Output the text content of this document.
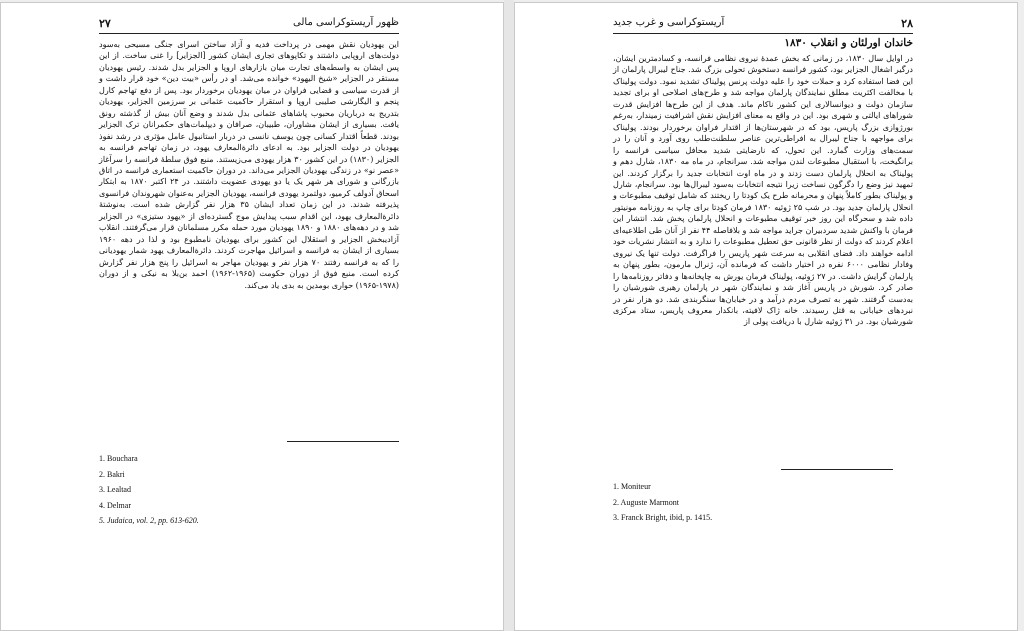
۲۷	ظهور آریستوکراسی مالی
این یهودیان نقش مهمی در پرداخت فدیه و آزاد ساختن اسرای جنگی مسیحی به‌سود دولت‌های اروپایی داشتند و تکاپوهای تجاری ایشان کشور [الجزایر] را غنی ساخت. از این پس ایشان به واسطه‌های تجارت میان بازارهای اروپا و الجزایر بدل شدند. رئیس یهودیان مستقر در الجزایر «شیخ الیهود» خوانده می‌شد. او در رأس «بیت دین» خود قرار داشت و از قدرت سیاسی و قضایی فراوان در میان یهودیان برخوردار بود. پس از دفع تهاجم کارل پنجم و الیگارشی صلیبی اروپا و استقرار حاکمیت عثمانی بر سرزمین الجزایر، یهودیان بتدریج به درباریان محبوب پاشاهای عثمانی بدل شدند و وضع آنان بیش از گذشته رونق یافت. بسیاری از ایشان مشاوران، طبیبان، صرافان و دیپلمات‌های حکمرانان ترک الجزایر بودند. قطعاً اقتدار کسانی چون یوسف نانسی در دربار استانبول عامل مؤثری در رشد نفوذ یهودیان در دولت الجزایر بود. به ادعای دائرةالمعارف یهود، در زمان تهاجم فرانسه به الجزایر (۱۸۳۰) در این کشور ۳۰ هزار یهودی می‌زیستند. منبع فوق سلطهٔ فرانسه را سرآغاز «عصر نو» در زندگی یهودیان الجزایر می‌داند. در دوران حاکمیت استعماری فرانسه در اتاق بازرگانی و شورای هر شهر یک یا دو یهودی عضویت داشتند. در ۲۴ اکتبر ۱۸۷۰ به ابتکار اسحاق آدولف کرمیو، دولتمرد یهودی فرانسه، یهودیان الجزایر به‌عنوان شهروندان فرانسوی پذیرفته شدند. در این زمان تعداد ایشان ۳۵ هزار نفر گزارش شده است. به‌نوشتهٔ دائرةالمعارف یهود، این اقدام سبب پیدایش موج گسترده‌ای از «یهود ستیزی» در الجزایر شد و در دهه‌های ۱۸۸۰ و ۱۸۹۰ یهودیان مورد حمله مکرر مسلمانان قرار می‌گرفتند. انقلاب آزادیبخش الجزایر و استقلال این کشور برای یهودیان نامطبوع بود و لذا در دهه ۱۹۶۰ بسیاری از ایشان به فرانسه و اسرائیل مهاجرت کردند. دائرةالمعارف یهود شمار یهودیانی را که به فرانسه رفتند ۷۰ هزار نفر و یهودیان مهاجر به اسرائیل را پنج هزار نفر گزارش کرده است. منبع فوق از دوران حکومت (۱۹۶۵-۱۹۶۲) احمد بن‌بلا به نیکی و از دوران (۱۹۷۸-۱۹۶۵) حواری بومدین به بدی یاد می‌کند.
1. Bouchara
2. Bakri
3. Lealtad
4. Delmar
5. Judaica, vol. 2, pp. 613-620.
۲۸
آریستوکراسی و غرب جدید
خاندان اورلئان و انقلاب ۱۸۳۰
در اوایل سال ۱۸۳۰، در زمانی که بخش عمدهٔ نیروی نظامی فرانسه، و کسادمترین ایشان، درگیر اشغال الجزایر بود، کشور فرانسه دستخوش تحولی بزرگ شد. جناح لیبرال پارلمان از این فضا استفاده کرد و حملات خود را علیه دولت پرنس پولیناک تشدید نمود. دولت پولیناک با مخالفت اکثریت مطلق نمایندگان پارلمان مواجه شد و طرح‌های اصلاحی او برای تجدید سازمان دولت و دیوانسالاری این کشور ناکام ماند. هدف از این طرح‌ها افزایش قدرت شوراهای ایالتی و شهری بود. این در واقع به معنای افزایش نقش اشرافیت زمیندار، به‌رغم بورژوازی بزرگ پاریس، بود که در شهرستان‌ها از اقتدار فراوان برخوردار بودند. پولیناک برای مواجهه با جناح لیبرال به افراطی‌ترین عناصر سلطنت‌طلب روی آورد و آنان را در سمت‌های وزارت گمارد. این تحول، که نارضایتی شدید محافل سیاسی فرانسه را برانگیخت، با استقبال مطبوعات لندن مواجه شد. سرانجام، در ماه مه ۱۸۳۰، شارل دهم و پولیناک به انحلال پارلمان دست زدند و در ماه اوت انتخابات جدید را برگزار کردند. این تمهید نیز وضع را دگرگون نساخت زیرا نتیجه انتخابات به‌سود لیبرال‌ها بود. سرانجام، شارل و پولیناک بطور کاملاً پنهان و محرمانه طرح یک کودتا را ریختند که شامل توقیف مطبوعات و انحلال پارلمان جدید بود. در شب ۲۵ ژوئیه ۱۸۳۰ فرمان کودتا برای چاپ به روزنامه مونیتور داده شد و سحرگاه این روز خبر توقیف مطبوعات و انحلال پارلمان پخش شد. انتشار این فرمان با واکنش شدید سردبیران جراید مواجه شد و بلافاصله ۴۴ نفر از آنان طی اطلاعیه‌ای اعلام کردند که دولت از نظر قانونی حق تعطیل مطبوعات را ندارد و به انتشار نشریات خود ادامه خواهند داد. فضای انقلابی به سرعت شهر پاریس را فراگرفت. دولت تنها یک نیروی وفادار نظامی ۶۰۰۰ نفره در اختیار داشت که فرمانده آن، ژنرال مارمون، بطور پنهان به پارلمان گرایش داشت. در ۲۷ ژوئیه، پولیناک فرمان یورش به چاپخانه‌ها و دفاتر روزنامه‌ها را صادر کرد. شورش در پاریس آغاز شد و نمایندگان شهر در پارلمان رهبری شورشیان را به‌دست گرفتند. شهر به تصرف مردم درآمد و در خیابان‌ها سنگربندی شد. دو هزار نفر در نبردهای خیابانی به قتل رسیدند. خانه ژاک لافیته، بانکدار معروف پاریس، ستاد مرکزی شورشیان بود. در ۳۱ ژوئیه شارل با دریافت پولی از
1. Moniteur
2. Auguste Marmont
3. Franck Bright, ibid, p. 1415.
